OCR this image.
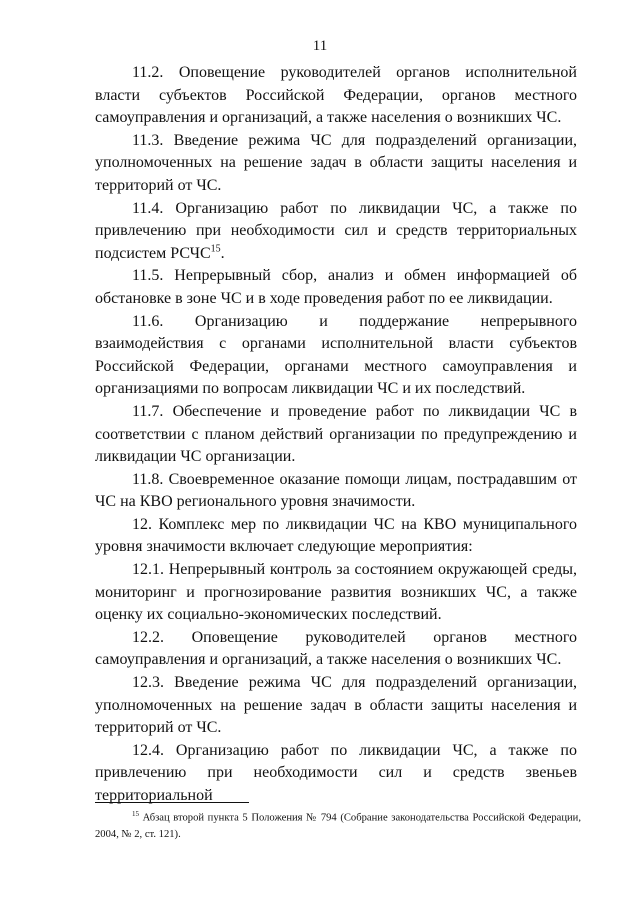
11

11.2. Оповещение руководителей органов исполнительной власти субъектов Российской Федерации, органов местного самоуправления и организаций, а также населения о возникших ЧС.

11.3. Введение режима ЧС для подразделений организации, уполномоченных на решение задач в области защиты населения и территорий от ЧС.

11.4. Организацию работ по ликвидации ЧС, а также по привлечению при необходимости сил и средств территориальных подсистем РСЧС$^{15}$.

11.5. Непрерывный сбор, анализ и обмен информацией об обстановке в зоне ЧС и в ходе проведения работ по ее ликвидации.

11.6. Организацию и поддержание непрерывного взаимодействия с органами исполнительной власти субъектов Российской Федерации, органами местного самоуправления и организациями по вопросам ликвидации ЧС и их последствий.

11.7. Обеспечение и проведение работ по ликвидации ЧС в соответствии с планом действий организации по предупреждению и ликвидации ЧС организации.

11.8. Своевременное оказание помощи лицам, пострадавшим от ЧС на КВО регионального уровня значимости.

12. Комплекс мер по ликвидации ЧС на КВО муниципального уровня значимости включает следующие мероприятия:

12.1. Непрерывный контроль за состоянием окружающей среды, мониторинг и прогнозирование развития возникших ЧС, а также оценку их социально-экономических последствий.

12.2. Оповещение руководителей органов местного самоуправления и организаций, а также населения о возникших ЧС.

12.3. Введение режима ЧС для подразделений организации, уполномоченных на решение задач в области защиты населения и территорий от ЧС.

12.4. Организацию работ по ликвидации ЧС, а также по привлечению при необходимости сил и средств звеньев территориальной

$^{15}$ Абзац второй пункта 5 Положения № 794 (Собрание законодательства Российской Федерации, 2004, № 2, ст. 121).
